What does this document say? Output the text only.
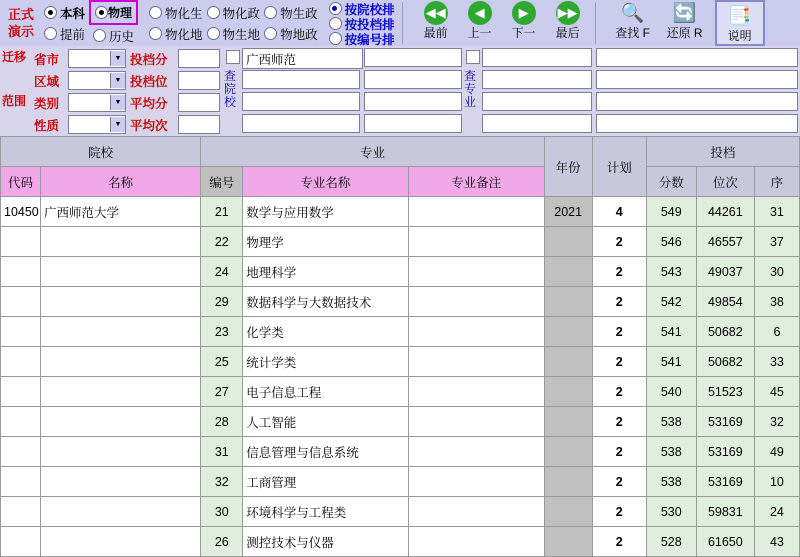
正式
演示
本科
提前
物理
历史
物化生
物化地
物化政
物生地
物生政
物地政
按院校排
按投档排
按编号排
◀◀
最前
◀
上一
▶
下一
▶▶
最后
🔍
查找 F
🔄
还原 R
📑
说明
迁移
范围
省市
区域
类别
性质
▼
▼
▼
▼
投档分
投档位
平均分
平均次
广西师范
查院校
查专业
院校		专业			年份	计划	投档		
代码	名称	编号	专业名称	专业备注			分数	位次	序
10450	广西师范大学	21	数学与应用数学		2021	4	549	44261	31
		22	物理学			2	546	46557	37
		24	地理科学			2	543	49037	30
		29	数据科学与大数据技术			2	542	49854	38
		23	化学类			2	541	50682	6
		25	统计学类			2	541	50682	33
		27	电子信息工程			2	540	51523	45
		28	人工智能			2	538	53169	32
		31	信息管理与信息系统			2	538	53169	49
		32	工商管理			2	538	53169	10
		30	环境科学与工程类			2	530	59831	24
		26	测控技术与仪器			2	528	61650	43
